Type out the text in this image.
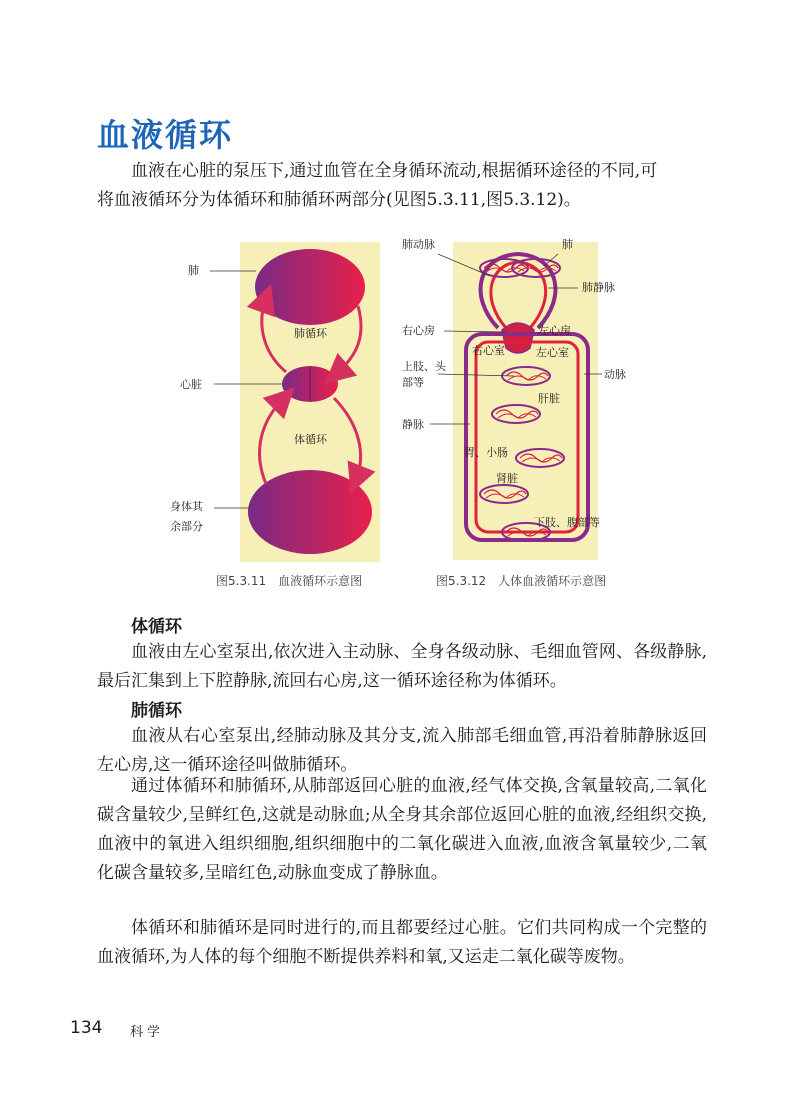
血液循环
血液在心脏的泵压下,通过血管在全身循环流动,根据循环途径的不同,可
将血液循环分为体循环和肺循环两部分(见图5.3.11,图5.3.12)。
肺
心脏
身体其
余部分
肺循环
体循环
图5.3.11　血液循环示意图
肺动脉	肺
肺静脉
右心房	左心房
右心室	左心室
上肢、头
部等
动脉
肝脏
静脉
胃、小肠
肾脏
下肢、腹部等
图5.3.12　人体血液循环示意图
体循环
血液由左心室泵出,依次进入主动脉、全身各级动脉、毛细血管网、各级静脉,最后汇集到上下腔静脉,流回右心房,这一循环途径称为体循环。
肺循环
血液从右心室泵出,经肺动脉及其分支,流入肺部毛细血管,再沿着肺静脉返回左心房,这一循环途径叫做肺循环。
通过体循环和肺循环,从肺部返回心脏的血液,经气体交换,含氧量较高,二氧化碳含量较少,呈鲜红色,这就是动脉血;从全身其余部位返回心脏的血液,经组织交换,血液中的氧进入组织细胞,组织细胞中的二氧化碳进入血液,血液含氧量较少,二氧化碳含量较多,呈暗红色,动脉血变成了静脉血。
体循环和肺循环是同时进行的,而且都要经过心脏。它们共同构成一个完整的血液循环,为人体的每个细胞不断提供养料和氧,又运走二氧化碳等废物。
134 科学
